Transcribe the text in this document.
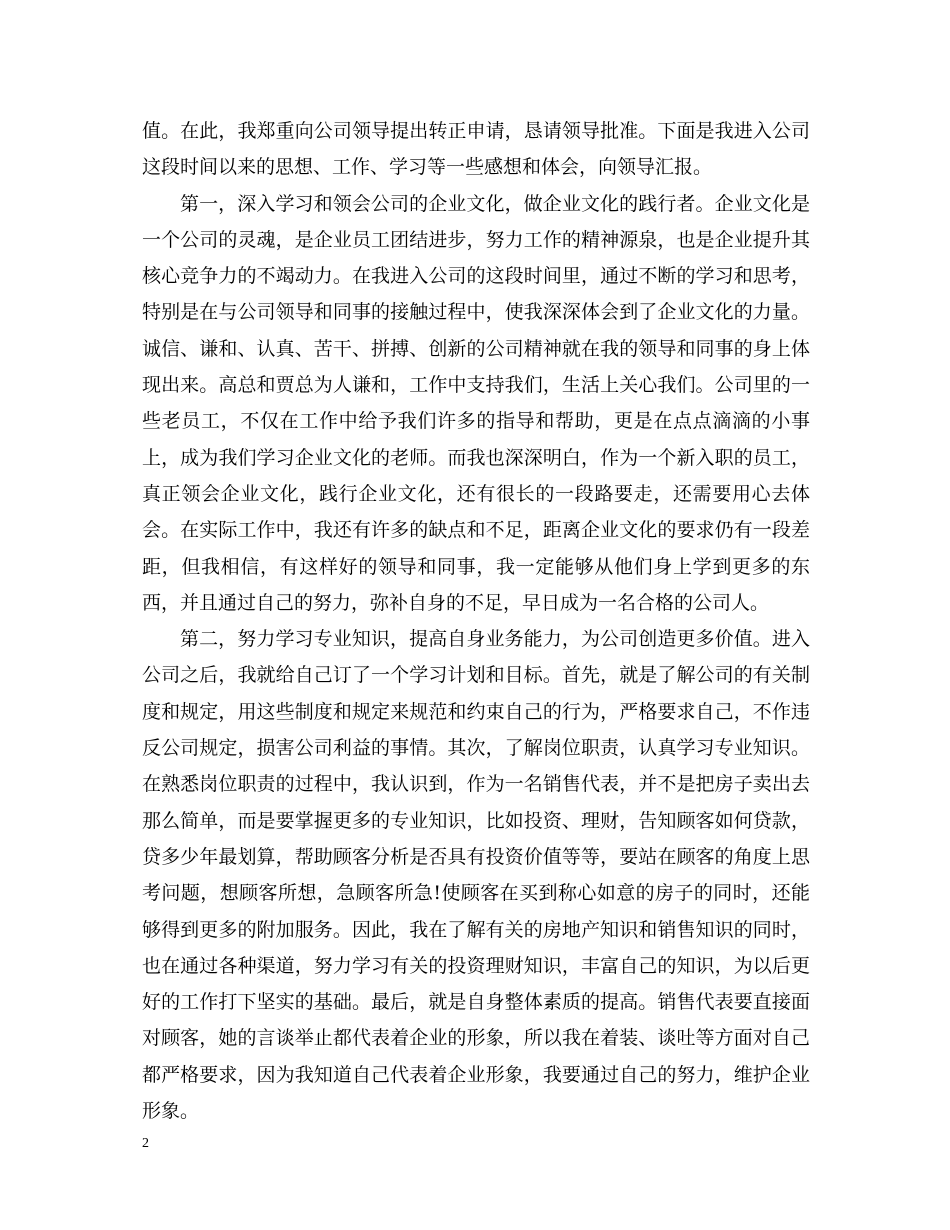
值。在此，我郑重向公司领导提出转正申请，恳请领导批准。下面是我进入公司这段时间以来的思想、工作、学习等一些感想和体会，向领导汇报。

第一，深入学习和领会公司的企业文化，做企业文化的践行者。企业文化是一个公司的灵魂，是企业员工团结进步，努力工作的精神源泉，也是企业提升其核心竞争力的不竭动力。在我进入公司的这段时间里，通过不断的学习和思考，特别是在与公司领导和同事的接触过程中，使我深深体会到了企业文化的力量。诚信、谦和、认真、苦干、拼搏、创新的公司精神就在我的领导和同事的身上体现出来。高总和贾总为人谦和，工作中支持我们，生活上关心我们。公司里的一些老员工，不仅在工作中给予我们许多的指导和帮助，更是在点点滴滴的小事上，成为我们学习企业文化的老师。而我也深深明白，作为一个新入职的员工，真正领会企业文化，践行企业文化，还有很长的一段路要走，还需要用心去体会。在实际工作中，我还有许多的缺点和不足，距离企业文化的要求仍有一段差距，但我相信，有这样好的领导和同事，我一定能够从他们身上学到更多的东西，并且通过自己的努力，弥补自身的不足，早日成为一名合格的公司人。

第二，努力学习专业知识，提高自身业务能力，为公司创造更多价值。进入公司之后，我就给自己订了一个学习计划和目标。首先，就是了解公司的有关制度和规定，用这些制度和规定来规范和约束自己的行为，严格要求自己，不作违反公司规定，损害公司利益的事情。其次，了解岗位职责，认真学习专业知识。在熟悉岗位职责的过程中，我认识到，作为一名销售代表，并不是把房子卖出去那么简单，而是要掌握更多的专业知识，比如投资、理财，告知顾客如何贷款，贷多少年最划算，帮助顾客分析是否具有投资价值等等，要站在顾客的角度上思考问题，想顾客所想，急顾客所急!使顾客在买到称心如意的房子的同时，还能够得到更多的附加服务。因此，我在了解有关的房地产知识和销售知识的同时，也在通过各种渠道，努力学习有关的投资理财知识，丰富自己的知识，为以后更好的工作打下坚实的基础。最后，就是自身整体素质的提高。销售代表要直接面对顾客，她的言谈举止都代表着企业的形象，所以我在着装、谈吐等方面对自己都严格要求，因为我知道自己代表着企业形象，我要通过自己的努力，维护企业形象。

2
